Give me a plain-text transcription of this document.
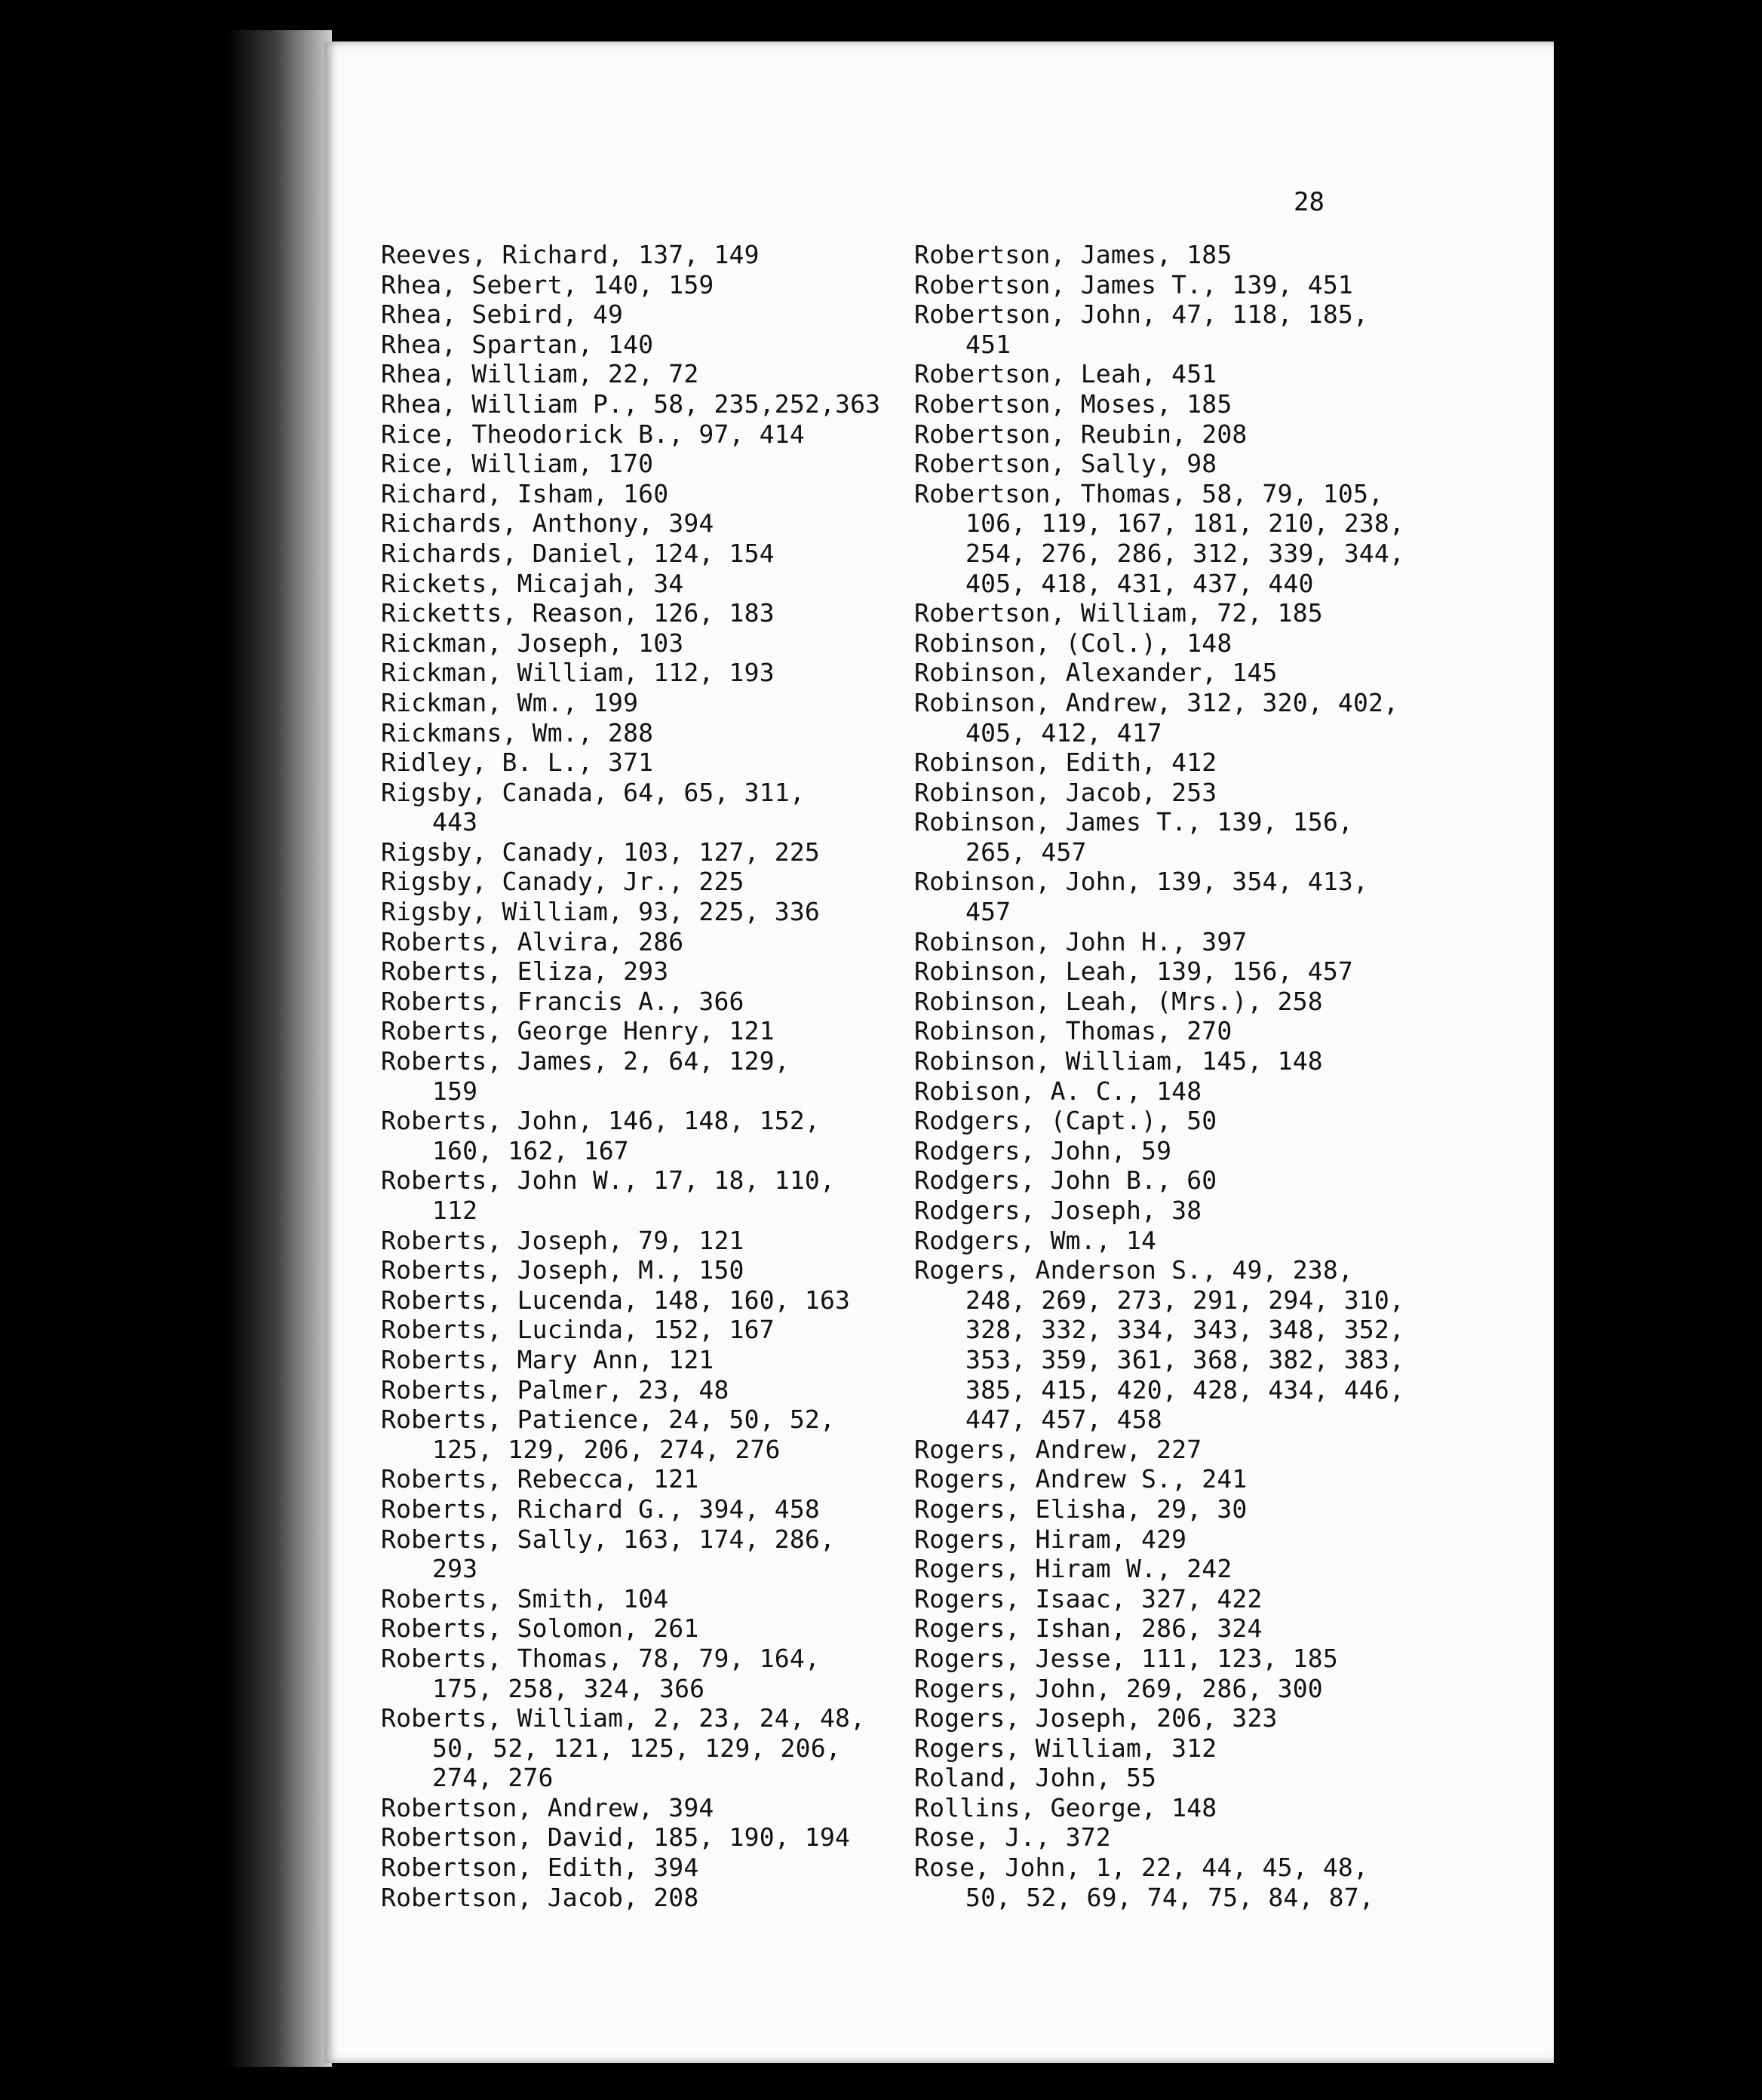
28
Reeves, Richard, 137, 149
Rhea, Sebert, 140, 159
Rhea, Sebird, 49
Rhea, Spartan, 140
Rhea, William, 22, 72
Rhea, William P., 58, 235,252,363
Rice, Theodorick B., 97, 414
Rice, William, 170
Richard, Isham, 160
Richards, Anthony, 394
Richards, Daniel, 124, 154
Rickets, Micajah, 34
Ricketts, Reason, 126, 183
Rickman, Joseph, 103
Rickman, William, 112, 193
Rickman, Wm., 199
Rickmans, Wm., 288
Ridley, B. L., 371
Rigsby, Canada, 64, 65, 311,
443
Rigsby, Canady, 103, 127, 225
Rigsby, Canady, Jr., 225
Rigsby, William, 93, 225, 336
Roberts, Alvira, 286
Roberts, Eliza, 293
Roberts, Francis A., 366
Roberts, George Henry, 121
Roberts, James, 2, 64, 129,
159
Roberts, John, 146, 148, 152,
160, 162, 167
Roberts, John W., 17, 18, 110,
112
Roberts, Joseph, 79, 121
Roberts, Joseph, M., 150
Roberts, Lucenda, 148, 160, 163
Roberts, Lucinda, 152, 167
Roberts, Mary Ann, 121
Roberts, Palmer, 23, 48
Roberts, Patience, 24, 50, 52,
125, 129, 206, 274, 276
Roberts, Rebecca, 121
Roberts, Richard G., 394, 458
Roberts, Sally, 163, 174, 286,
293
Roberts, Smith, 104
Roberts, Solomon, 261
Roberts, Thomas, 78, 79, 164,
175, 258, 324, 366
Roberts, William, 2, 23, 24, 48,
50, 52, 121, 125, 129, 206,
274, 276
Robertson, Andrew, 394
Robertson, David, 185, 190, 194
Robertson, Edith, 394
Robertson, Jacob, 208
Robertson, James, 185
Robertson, James T., 139, 451
Robertson, John, 47, 118, 185,
451
Robertson, Leah, 451
Robertson, Moses, 185
Robertson, Reubin, 208
Robertson, Sally, 98
Robertson, Thomas, 58, 79, 105,
106, 119, 167, 181, 210, 238,
254, 276, 286, 312, 339, 344,
405, 418, 431, 437, 440
Robertson, William, 72, 185
Robinson, (Col.), 148
Robinson, Alexander, 145
Robinson, Andrew, 312, 320, 402,
405, 412, 417
Robinson, Edith, 412
Robinson, Jacob, 253
Robinson, James T., 139, 156,
265, 457
Robinson, John, 139, 354, 413,
457
Robinson, John H., 397
Robinson, Leah, 139, 156, 457
Robinson, Leah, (Mrs.), 258
Robinson, Thomas, 270
Robinson, William, 145, 148
Robison, A. C., 148
Rodgers, (Capt.), 50
Rodgers, John, 59
Rodgers, John B., 60
Rodgers, Joseph, 38
Rodgers, Wm., 14
Rogers, Anderson S., 49, 238,
248, 269, 273, 291, 294, 310,
328, 332, 334, 343, 348, 352,
353, 359, 361, 368, 382, 383,
385, 415, 420, 428, 434, 446,
447, 457, 458
Rogers, Andrew, 227
Rogers, Andrew S., 241
Rogers, Elisha, 29, 30
Rogers, Hiram, 429
Rogers, Hiram W., 242
Rogers, Isaac, 327, 422
Rogers, Ishan, 286, 324
Rogers, Jesse, 111, 123, 185
Rogers, John, 269, 286, 300
Rogers, Joseph, 206, 323
Rogers, William, 312
Roland, John, 55
Rollins, George, 148
Rose, J., 372
Rose, John, 1, 22, 44, 45, 48,
50, 52, 69, 74, 75, 84, 87,
